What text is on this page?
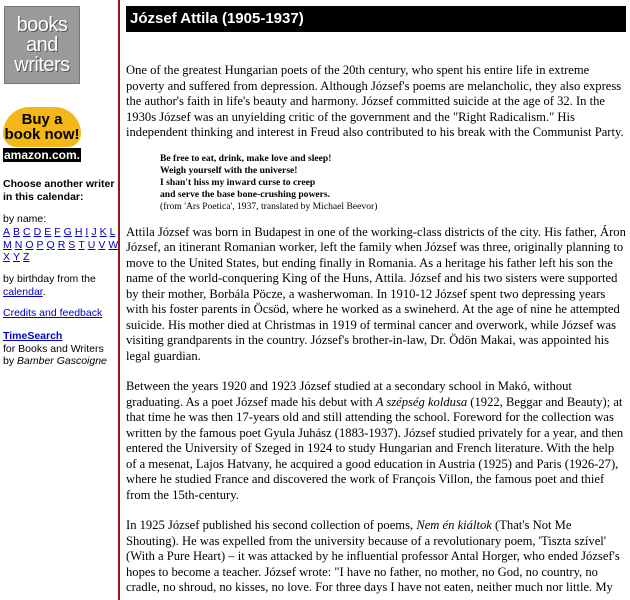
books
and
writers
Buy a
book now!
amazon.com.
Choose another writer in this calendar:
by name:
A B C D E F G H I J K L
M N O P Q R S T U V W
X Y Z
by birthday from the calendar.
Credits and feedback
TimeSearch
for Books and Writers
by Bamber Gascoigne
József Attila (1905-1937)

One of the greatest Hungarian poets of the 20th century, who spent his entire life in extreme poverty and suffered from depression. Although József's poems are melancholic, they also express the author's faith in life's beauty and harmony. József committed suicide at the age of 32. In the 1930s József was an unyielding critic of the government and the "Right Radicalism." His independent thinking and interest in Freud also contributed to his break with the Communist Party.

Be free to eat, drink, make love and sleep!
Weigh yourself with the universe!
I shan't hiss my inward curse to creep
and serve the base bone-crushing powers.
(from 'Ars Poetica', 1937, translated by Michael Beevor)

Attila József was born in Budapest in one of the working-class districts of the city. His father, Áron József, an itinerant Romanian worker, left the family when József was three, originally planning to move to the United States, but ending finally in Romania. As a heritage his father left his son the name of the world-conquering King of the Huns, Attila. József and his two sisters were supported by their mother, Borbála Pöcze, a washerwoman. In 1910-12 József spent two depressing years with his foster parents in Öcsöd, where he worked as a swineherd. At the age of nine he attempted suicide. His mother died at Christmas in 1919 of terminal cancer and overwork, while József was visiting grandparents in the country. József's brother-in-law, Dr. Ödön Makai, was appointed his legal guardian.

Between the years 1920 and 1923 József studied at a secondary school in Makó, without graduating. As a poet József made his debut with A szépség koldusa (1922, Beggar and Beauty); at that time he was then 17-years old and still attending the school. Foreword for the collection was written by the famous poet Gyula Juhász (1883-1937). József studied privately for a year, and then entered the University of Szeged in 1924 to study Hungarian and French literature. With the help of a mesenat, Lajos Hatvany, he acquired a good education in Austria (1925) and Paris (1926-27), where he studied France and discovered the work of François Villon, the famous poet and thief from the 15th-century.

In 1925 József published his second collection of poems, Nem én kiáltok (That's Not Me Shouting). He was expelled from the university because of a revolutionary poem, 'Tiszta szível' (With a Pure Heart) – it was attacked by he influential professor Antal Horger, who ended József's hopes to become a teacher. József wrote: "I have no father, no mother, no God, no country, no cradle, no shroud, no kisses, no love. For three days I have not eaten, neither much nor little. My
